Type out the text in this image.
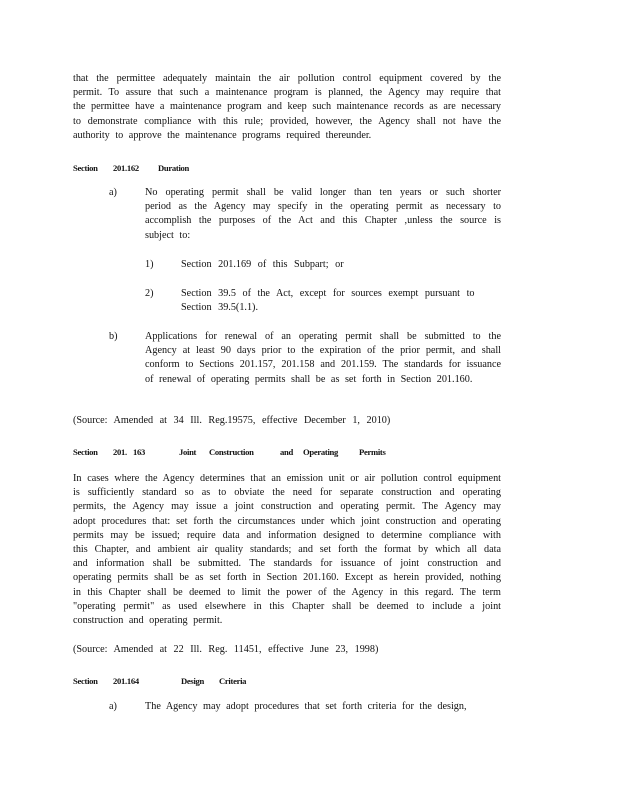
that the permittee adequately maintain the air pollution control equipment covered by the permit. To assure that such a maintenance program is planned, the Agency may require that the permittee have a maintenance program and keep such maintenance records as are necessary to demonstrate compliance with this rule; provided, however, the Agency shall not have the authority to approve the maintenance programs required thereunder.
Section 201.162 Duration
a)	No operating permit shall be valid longer than ten years or such shorter period as the Agency may specify in the operating permit as necessary to accomplish the purposes of the Act and this Chapter ,unless the source is subject to:
1)	Section 201.169 of this Subpart; or
2)	Section 39.5 of the Act, except for sources exempt pursuant to Section 39.5(1.1).
b)	Applications for renewal of an operating permit shall be submitted to the Agency at least 90 days prior to the expiration of the prior permit, and shall conform to Sections 201.157, 201.158 and 201.159. The standards for issuance of renewal of operating permits shall be as set forth in Section 201.160.
(Source: Amended at 34 Ill. Reg.19575, effective December 1, 2010)
Section 201. 163	Joint Construction	and Operating Permits
In cases where the Agency determines that an emission unit or air pollution control equipment is sufficiently standard so as to obviate the need for separate construction and operating permits, the Agency may issue a joint construction and operating permit. The Agency may adopt procedures that: set forth the circumstances under which joint construction and operating permits may be issued; require data and information designed to determine compliance with this Chapter, and ambient air quality standards; and set forth the format by which all data and information shall be submitted. The standards for issuance of joint construction and operating permits shall be as set forth in Section 201.160. Except as herein provided, nothing in this Chapter shall be deemed to limit the power of the Agency in this regard. The term "operating permit" as used elsewhere in this Chapter shall be deemed to include a joint construction and operating permit.
(Source: Amended at 22 Ill. Reg. 11451, effective June 23, 1998)
Section 201.164	Design Criteria
a)	The Agency may adopt procedures that set forth criteria for the design,
